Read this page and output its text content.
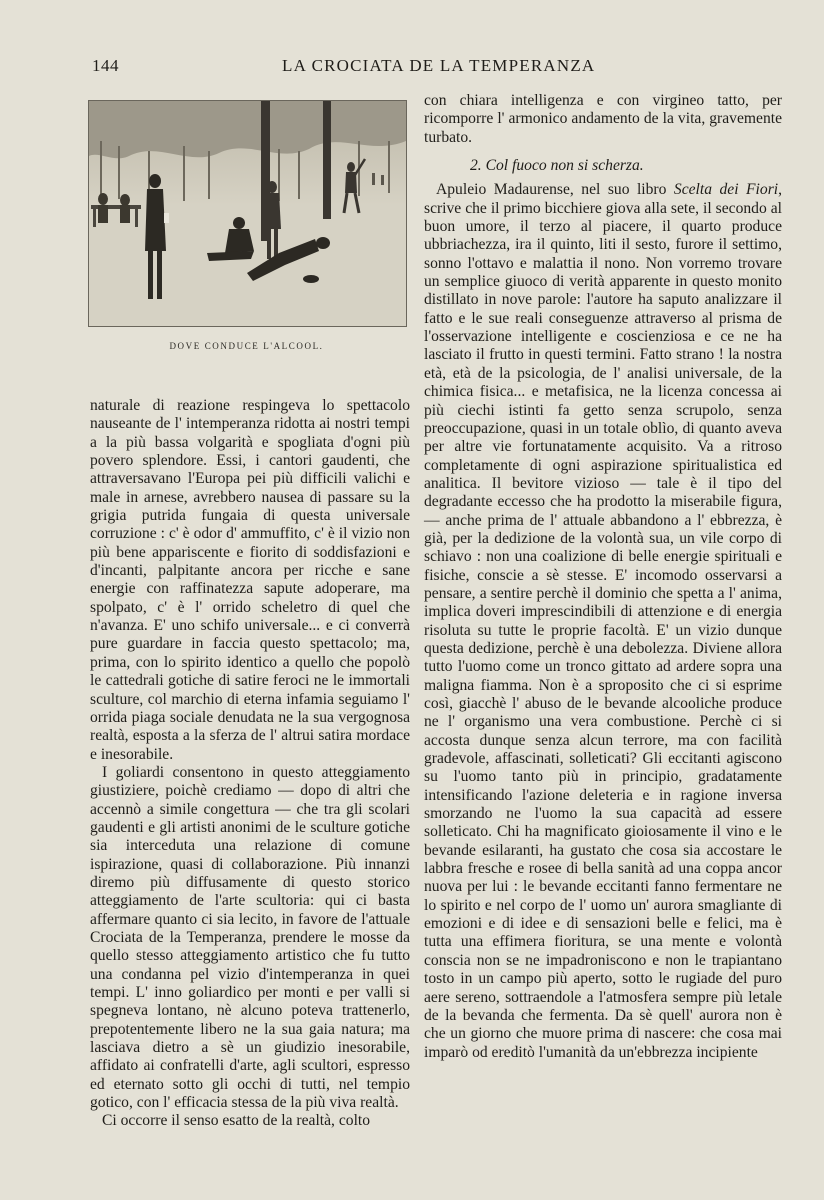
144	LA CROCIATA DE LA TEMPERANZA
DOVE CONDUCE L'ALCOOL.

naturale di reazione respingeva lo spettacolo nauseante de l' intemperanza ridotta ai nostri tempi a la più bassa volgarità e spogliata d'ogni più povero splendore. Essi, i cantori gaudenti, che attraversavano l'Europa pei più difficili valichi e male in arnese, avrebbero nausea di passare su la grigia putrida fungaia di questa universale corruzione : c' è odor d' ammuffito, c' è il vizio non più bene appariscente e fiorito di soddisfazioni e d'incanti, palpitante ancora per ricche e sane energie con raffinatezza sapute adoperare, ma spolpato, c' è l' orrido scheletro di quel che n'avanza. E' uno schifo universale... e ci converrà pure guardare in faccia questo spettacolo; ma, prima, con lo spirito identico a quello che popolò le cattedrali gotiche di satire feroci ne le immortali sculture, col marchio di eterna infamia seguiamo l' orrida piaga sociale denudata ne la sua vergognosa realtà, esposta a la sferza de l' altrui satira mordace e inesorabile.

I goliardi consentono in questo atteggiamento giustiziere, poichè crediamo — dopo di altri che accennò a simile congettura — che tra gli scolari gaudenti e gli artisti anonimi de le sculture gotiche sia interceduta una relazione di comune ispirazione, quasi di collaborazione. Più innanzi diremo più diffusamente di questo storico atteggiamento de l'arte scultoria: qui ci basta affermare quanto ci sia lecito, in favore de l'attuale Crociata de la Temperanza, prendere le mosse da quello stesso atteggiamento artistico che fu tutto una condanna pel vizio d'intemperanza in quei tempi. L' inno goliardico per monti e per valli si spegneva lontano, nè alcuno poteva trattenerlo, prepotentemente libero ne la sua gaia natura; ma lasciava dietro a sè un giudizio inesorabile, affidato ai confratelli d'arte, agli scultori, espresso ed eternato sotto gli occhi di tutti, nel tempio gotico, con l' efficacia stessa de la più viva realtà.

Ci occorre il senso esatto de la realtà, colto

con chiara intelligenza e con virgineo tatto, per ricomporre l' armonico andamento de la vita, gravemente turbato.

2. Col fuoco non si scherza.

Apuleio Madaurense, nel suo libro Scelta dei Fiori, scrive che il primo bicchiere giova alla sete, il secondo al buon umore, il terzo al piacere, il quarto produce ubbriachezza, ira il quinto, liti il sesto, furore il settimo, sonno l'ottavo e malattia il nono. Non vorremo trovare un semplice giuoco di verità apparente in questo monito distillato in nove parole: l'autore ha saputo analizzare il fatto e le sue reali conseguenze attraverso al prisma de l'osservazione intelligente e coscienziosa e ce ne ha lasciato il frutto in questi termini. Fatto strano ! la nostra età, età de la psicologia, de l' analisi universale, de la chimica fisica... e metafisica, ne la licenza concessa ai più ciechi istinti fa getto senza scrupolo, senza preoccupazione, quasi in un totale oblìo, di quanto aveva per altre vie fortunatamente acquisito. Va a ritroso completamente di ogni aspirazione spiritualistica ed analitica. Il bevitore vizioso — tale è il tipo del degradante eccesso che ha prodotto la miserabile figura, — anche prima de l' attuale abbandono a l' ebbrezza, è già, per la dedizione de la volontà sua, un vile corpo di schiavo : non una coalizione di belle energie spirituali e fisiche, conscie a sè stesse. E' incomodo osservarsi a pensare, a sentire perchè il dominio che spetta a l' anima, implica doveri imprescindibili di attenzione e di energia risoluta su tutte le proprie facoltà. E' un vizio dunque questa dedizione, perchè è una debolezza. Diviene allora tutto l'uomo come un tronco gittato ad ardere sopra una maligna fiamma. Non è a sproposito che ci si esprime così, giacchè l' abuso de le bevande alcooliche produce ne l' organismo una vera combustione. Perchè ci si accosta dunque senza alcun terrore, ma con facilità gradevole, affascinati, solleticati? Gli eccitanti agiscono su l'uomo tanto più in principio, gradatamente intensificando l'azione deleteria e in ragione inversa smorzando ne l'uomo la sua capacità ad essere solleticato. Chi ha magnificato gioiosamente il vino e le bevande esilaranti, ha gustato che cosa sia accostare le labbra fresche e rosee di bella sanità ad una coppa ancor nuova per lui : le bevande eccitanti fanno fermentare ne lo spirito e nel corpo de l' uomo un' aurora smagliante di emozioni e di idee e di sensazioni belle e felici, ma è tutta una effimera fioritura, se una mente e volontà conscia non se ne impadroniscono e non le trapiantano tosto in un campo più aperto, sotto le rugiade del puro aere sereno, sottraendole a l'atmosfera sempre più letale de la bevanda che fermenta. Da sè quell' aurora non è che un giorno che muore prima di nascere: che cosa mai imparò od ereditò l'umanità da un'ebbrezza incipiente
